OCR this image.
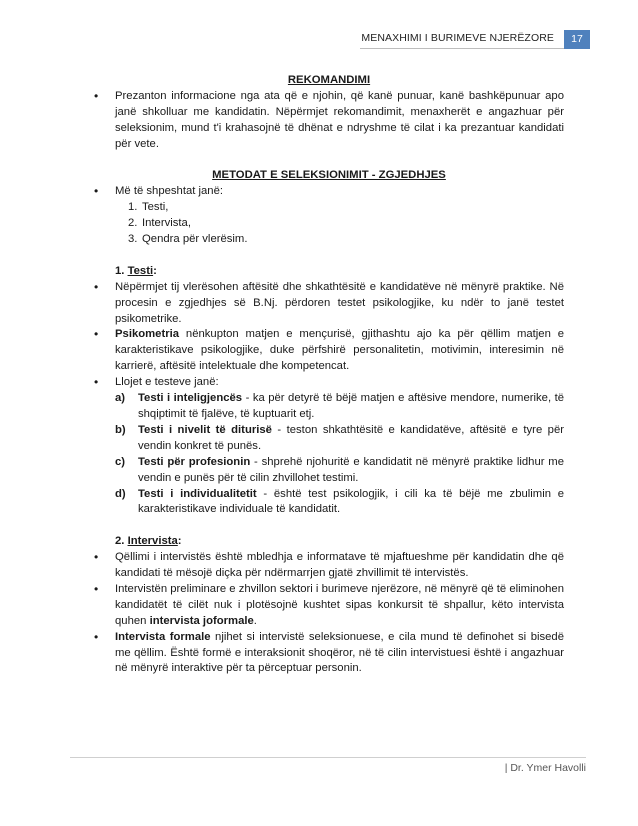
MENAXHIMI I BURIMEVE NJERËZORE	17

REKOMANDIMI

• Prezanton informacione nga ata që e njohin, që kanë punuar, kanë bashkëpunuar apo janë shkolluar me kandidatin. Nëpërmjet rekomandimit, menaxherët e angazhuar për seleksionim, mund t'i krahasojnë të dhënat e ndryshme të cilat i ka prezantuar kandidati për vete.

METODAT E SELEKSIONIMIT - ZGJEDHJES

• Më të shpeshtat janë:
1. Testi,
2. Intervista,
3. Qendra për vlerësim.
1. Testi:
• Nëpërmjet tij vlerësohen aftësitë dhe shkathtësitë e kandidatëve në mënyrë praktike. Në procesin e zgjedhjes së B.Nj. përdoren testet psikologjike, ku ndër to janë testet psikometrike.
• Psikometria nënkupton matjen e mençurisë, gjithashtu ajo ka për qëllim matjen e karakteristikave psikologjike, duke përfshirë personalitetin, motivimin, interesimin në karrierë, aftësitë intelektuale dhe kompetencat.
• Llojet e testeve janë:
a) Testi i inteligjencës - ka për detyrë të bëjë matjen e aftësive mendore, numerike, të shqiptimit të fjalëve, të kuptuarit etj.
b) Testi i nivelit të diturisë - teston shkathtësitë e kandidatëve, aftësitë e tyre për vendin konkret të punës.
c) Testi për profesionin - shprehë njohuritë e kandidatit në mënyrë praktike lidhur me vendin e punës për të cilin zhvillohet testimi.
d) Testi i individualitetit - është test psikologjik, i cili ka të bëjë me zbulimin e karakteristikave individuale të kandidatit.
2. Intervista:
• Qëllimi i intervistës është mbledhja e informatave të mjaftueshme për kandidatin dhe që kandidati të mësojë diçka për ndërmarrjen gjatë zhvillimit të intervistës.
• Intervistën preliminare e zhvillon sektori i burimeve njerëzore, në mënyrë që të eliminohen kandidatët të cilët nuk i plotësojnë kushtet sipas konkursit të shpallur, këto intervista quhen intervista joformale.
• Intervista formale njihet si intervistë seleksionuese, e cila mund të definohet si bisedë me qëllim. Është formë e interaksionit shoqëror, në të cilin intervistuesi është i angazhuar në mënyrë interaktive për ta përceptuar personin.
| Dr. Ymer Havolli
